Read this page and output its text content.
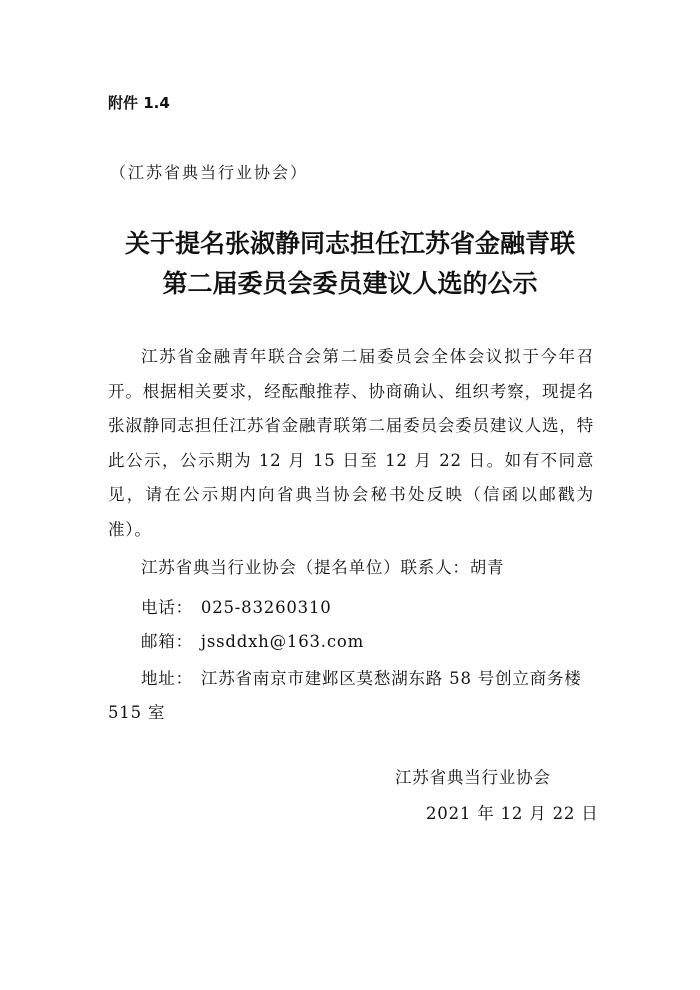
附件 1.4
（江苏省典当行业协会）
关于提名张淑静同志担任江苏省金融青联
第二届委员会委员建议人选的公示
江苏省金融青年联合会第二届委员会全体会议拟于今年召开。根据相关要求，经酝酿推荐、协商确认、组织考察，现提名张淑静同志担任江苏省金融青联第二届委员会委员建议人选，特此公示，公示期为 12 月 15 日至 12 月 22 日。如有不同意见，请在公示期内向省典当协会秘书处反映（信函以邮戳为准）。
江苏省典当行业协会（提名单位）联系人：胡青
电话： 025-83260310
邮箱： jssddxh@163.com
地址： 江苏省南京市建邺区莫愁湖东路 58 号创立商务楼 515 室
江苏省典当行业协会
2021 年 12 月 22 日
